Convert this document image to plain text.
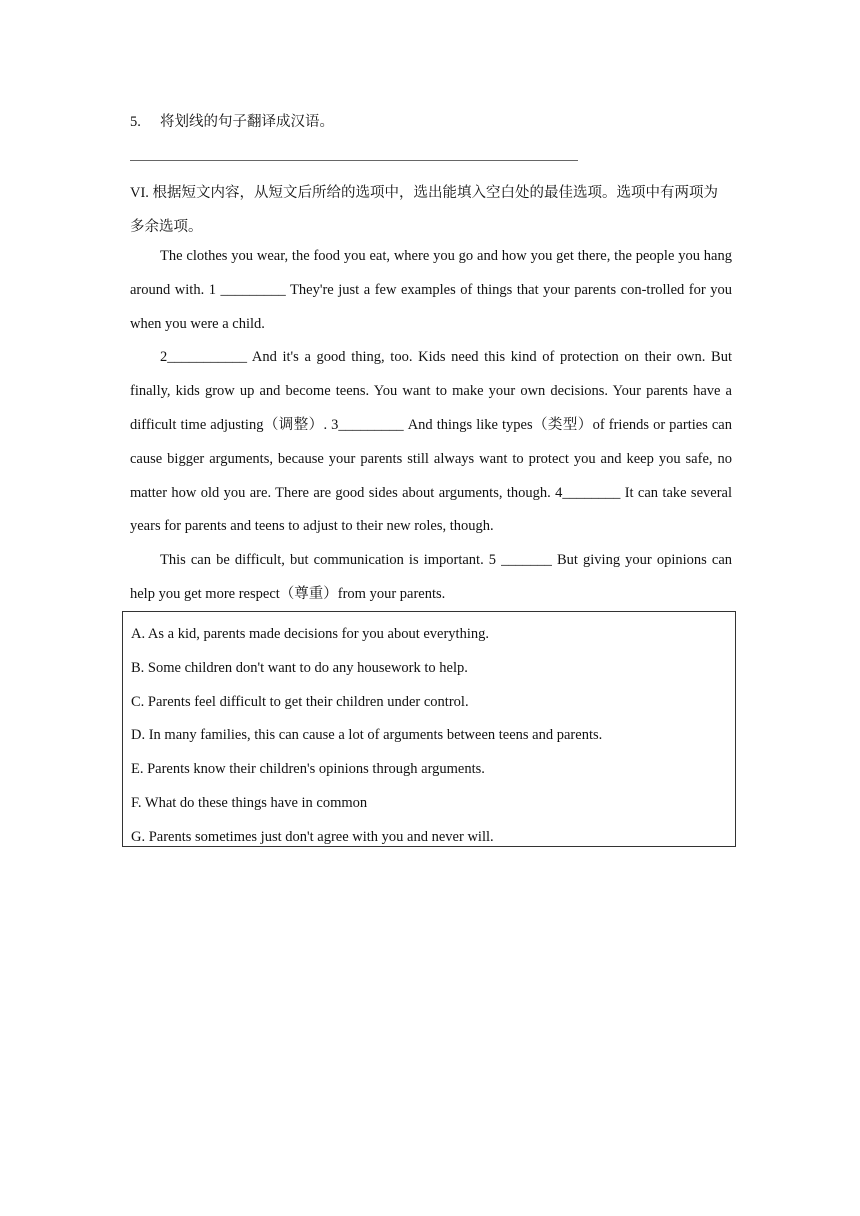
5. 将划线的句子翻译成汉语。
VI. 根据短文内容，从短文后所给的选项中，选出能填入空白处的最佳选项。选项中有两项为多余选项。

The clothes you wear, the food you eat, where you go and how you get there, the people you hang around with. 1 _________ They're just a few examples of things that your parents con-trolled for you when you were a child.

2___________ And it's a good thing, too. Kids need this kind of protection on their own. But finally, kids grow up and become teens. You want to make your own decisions. Your parents have a difficult time adjusting（调整）. 3_________ And things like types（类型）of friends or parties can cause bigger arguments, because your parents still always want to protect you and keep you safe, no matter how old you are. There are good sides about arguments, though. 4________ It can take several years for parents and teens to adjust to their new roles, though.

This can be difficult, but communication is important. 5 _______ But giving your opinions can help you get more respect（尊重）from your parents.

A. As a kid, parents made decisions for you about everything.
B. Some children don't want to do any housework to help.
C. Parents feel difficult to get their children under control.
D. In many families, this can cause a lot of arguments between teens and parents.
E. Parents know their children's opinions through arguments.
F. What do these things have in common
G. Parents sometimes just don't agree with you and never will.
